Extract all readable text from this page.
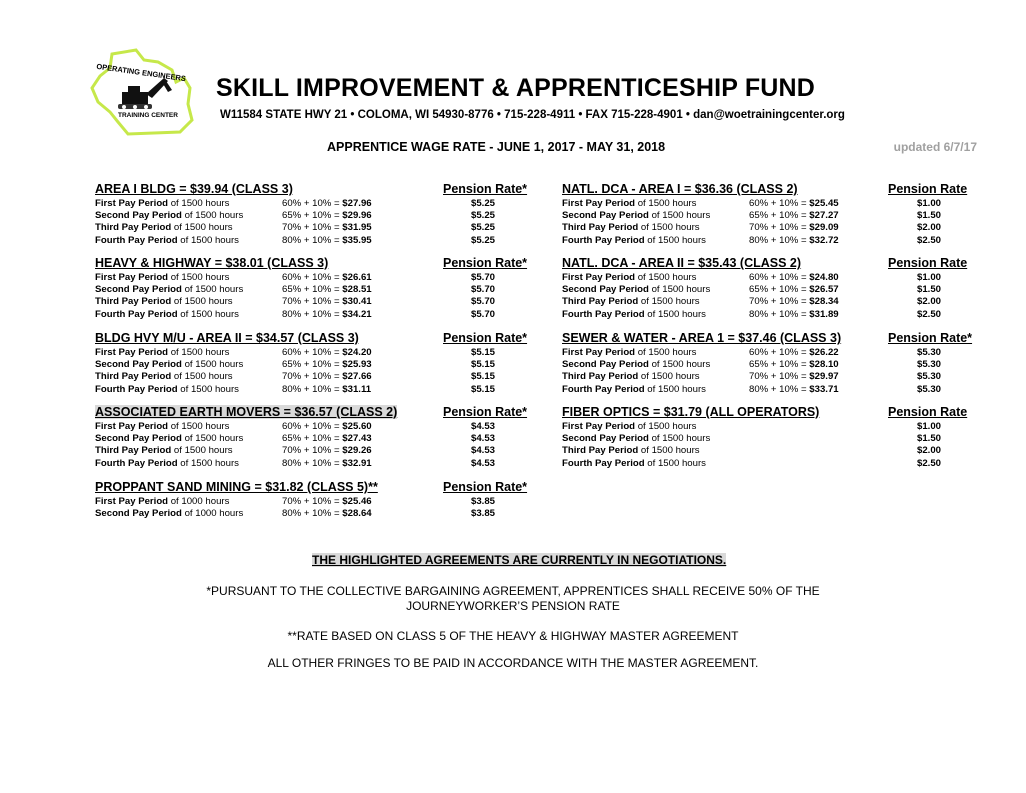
OPERATING ENGINEERS
TRAINING CENTER
SKILL IMPROVEMENT & APPRENTICESHIP FUND
W11584 STATE HWY 21 • COLOMA, WI 54930-8776 • 715-228-4911 • FAX 715-228-4901 • dan@woetrainingcenter.org
APPRENTICE WAGE RATE - JUNE 1, 2017 - MAY 31, 2018	updated 6/7/17
AREA I BLDG = $39.94 (CLASS 3)	Pension Rate*
First Pay Period of 1500 hours	60% + 10% = $27.96	$5.25
Second Pay Period of 1500 hours	65% + 10% = $29.96	$5.25
Third Pay Period of 1500 hours	70% + 10% = $31.95	$5.25
Fourth Pay Period of 1500 hours	80% + 10% = $35.95	$5.25
HEAVY & HIGHWAY = $38.01 (CLASS 3)	Pension Rate*
First Pay Period of 1500 hours	60% + 10% = $26.61	$5.70
Second Pay Period of 1500 hours	65% + 10% = $28.51	$5.70
Third Pay Period of 1500 hours	70% + 10% = $30.41	$5.70
Fourth Pay Period of 1500 hours	80% + 10% = $34.21	$5.70
BLDG HVY M/U - AREA II = $34.57 (CLASS 3)	Pension Rate*
First Pay Period of 1500 hours	60% + 10% = $24.20	$5.15
Second Pay Period of 1500 hours	65% + 10% = $25.93	$5.15
Third Pay Period of 1500 hours	70% + 10% = $27.66	$5.15
Fourth Pay Period of 1500 hours	80% + 10% = $31.11	$5.15
ASSOCIATED EARTH MOVERS = $36.57 (CLASS 2)	Pension Rate*
First Pay Period of 1500 hours	60% + 10% = $25.60	$4.53
Second Pay Period of 1500 hours	65% + 10% = $27.43	$4.53
Third Pay Period of 1500 hours	70% + 10% = $29.26	$4.53
Fourth Pay Period of 1500 hours	80% + 10% = $32.91	$4.53
PROPPANT SAND MINING = $31.82 (CLASS 5)**	Pension Rate*
First Pay Period of 1000 hours	70% + 10% = $25.46	$3.85
Second Pay Period of 1000 hours	80% + 10% = $28.64	$3.85
NATL. DCA - AREA I = $36.36 (CLASS 2)	Pension Rate
First Pay Period of 1500 hours	60% + 10% = $25.45	$1.00
Second Pay Period of 1500 hours	65% + 10% = $27.27	$1.50
Third Pay Period of 1500 hours	70% + 10% = $29.09	$2.00
Fourth Pay Period of 1500 hours	80% + 10% = $32.72	$2.50
NATL. DCA - AREA II = $35.43 (CLASS 2)	Pension Rate
First Pay Period of 1500 hours	60% + 10% = $24.80	$1.00
Second Pay Period of 1500 hours	65% + 10% = $26.57	$1.50
Third Pay Period of 1500 hours	70% + 10% = $28.34	$2.00
Fourth Pay Period of 1500 hours	80% + 10% = $31.89	$2.50
SEWER & WATER - AREA 1 = $37.46 (CLASS 3)	Pension Rate*
First Pay Period of 1500 hours	60% + 10% = $26.22	$5.30
Second Pay Period of 1500 hours	65% + 10% = $28.10	$5.30
Third Pay Period of 1500 hours	70% + 10% = $29.97	$5.30
Fourth Pay Period of 1500 hours	80% + 10% = $33.71	$5.30
FIBER OPTICS = $31.79 (ALL OPERATORS)	Pension Rate
First Pay Period of 1500 hours	$1.00
Second Pay Period of 1500 hours	$1.50
Third Pay Period of 1500 hours	$2.00
Fourth Pay Period of 1500 hours	$2.50
THE HIGHLIGHTED AGREEMENTS ARE CURRENTLY IN NEGOTIATIONS.
*PURSUANT TO THE COLLECTIVE BARGAINING AGREEMENT, APPRENTICES SHALL RECEIVE 50% OF THE
JOURNEYWORKER’S PENSION RATE
**RATE BASED ON CLASS 5 OF THE HEAVY & HIGHWAY MASTER AGREEMENT
ALL OTHER FRINGES TO BE PAID IN ACCORDANCE WITH THE MASTER AGREEMENT.
